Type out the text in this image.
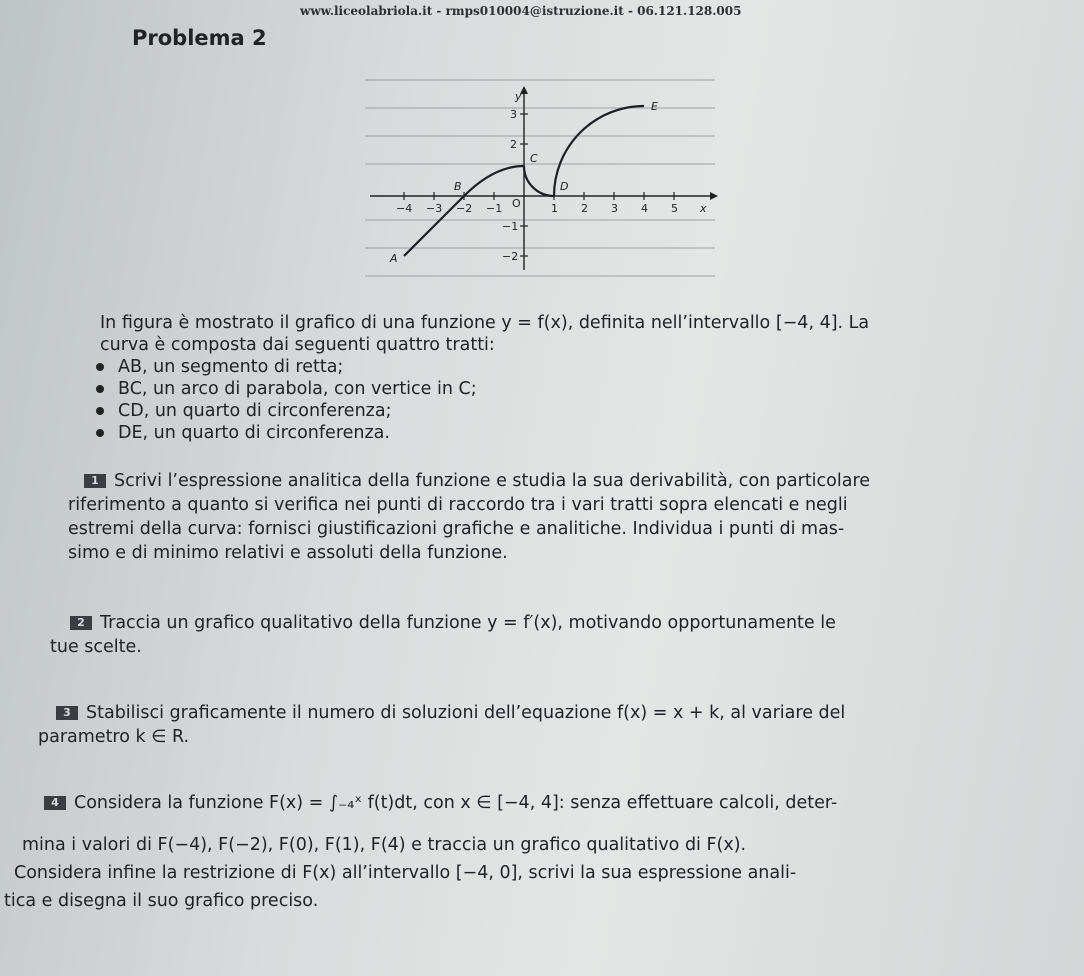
www.liceolabriola.it - rmps010004@istruzione.it - 06.121.128.005
Problema 2
−4 −3 −2 −1	1 2 3 4 5 x
3
2
−1
−2
y
O
A
B
C
D
E
In figura è mostrato il grafico di una funzione y = f(x), definita nell’intervallo [−4, 4]. La
curva è composta dai seguenti quattro tratti:
AB, un segmento di retta;
BC, un arco di parabola, con vertice in C;
CD, un quarto di circonferenza;
DE, un quarto di circonferenza.
1 Scrivi l’espressione analitica della funzione e studia la sua derivabilità, con particolare
riferimento a quanto si verifica nei punti di raccordo tra i vari tratti sopra elencati e negli
estremi della curva: fornisci giustificazioni grafiche e analitiche. Individua i punti di mas-
simo e di minimo relativi e assoluti della funzione.
2 Traccia un grafico qualitativo della funzione y = f′(x), motivando opportunamente le
tue scelte.
3 Stabilisci graficamente il numero di soluzioni dell’equazione f(x) = x + k, al variare del
parametro k ∈ R.
4 Considera la funzione F(x) = ∫₋₄ˣ f(t)dt, con x ∈ [−4, 4]: senza effettuare calcoli, deter-
mina i valori di F(−4), F(−2), F(0), F(1), F(4) e traccia un grafico qualitativo di F(x).
Considera infine la restrizione di F(x) all’intervallo [−4, 0], scrivi la sua espressione anali-
tica e disegna il suo grafico preciso.
